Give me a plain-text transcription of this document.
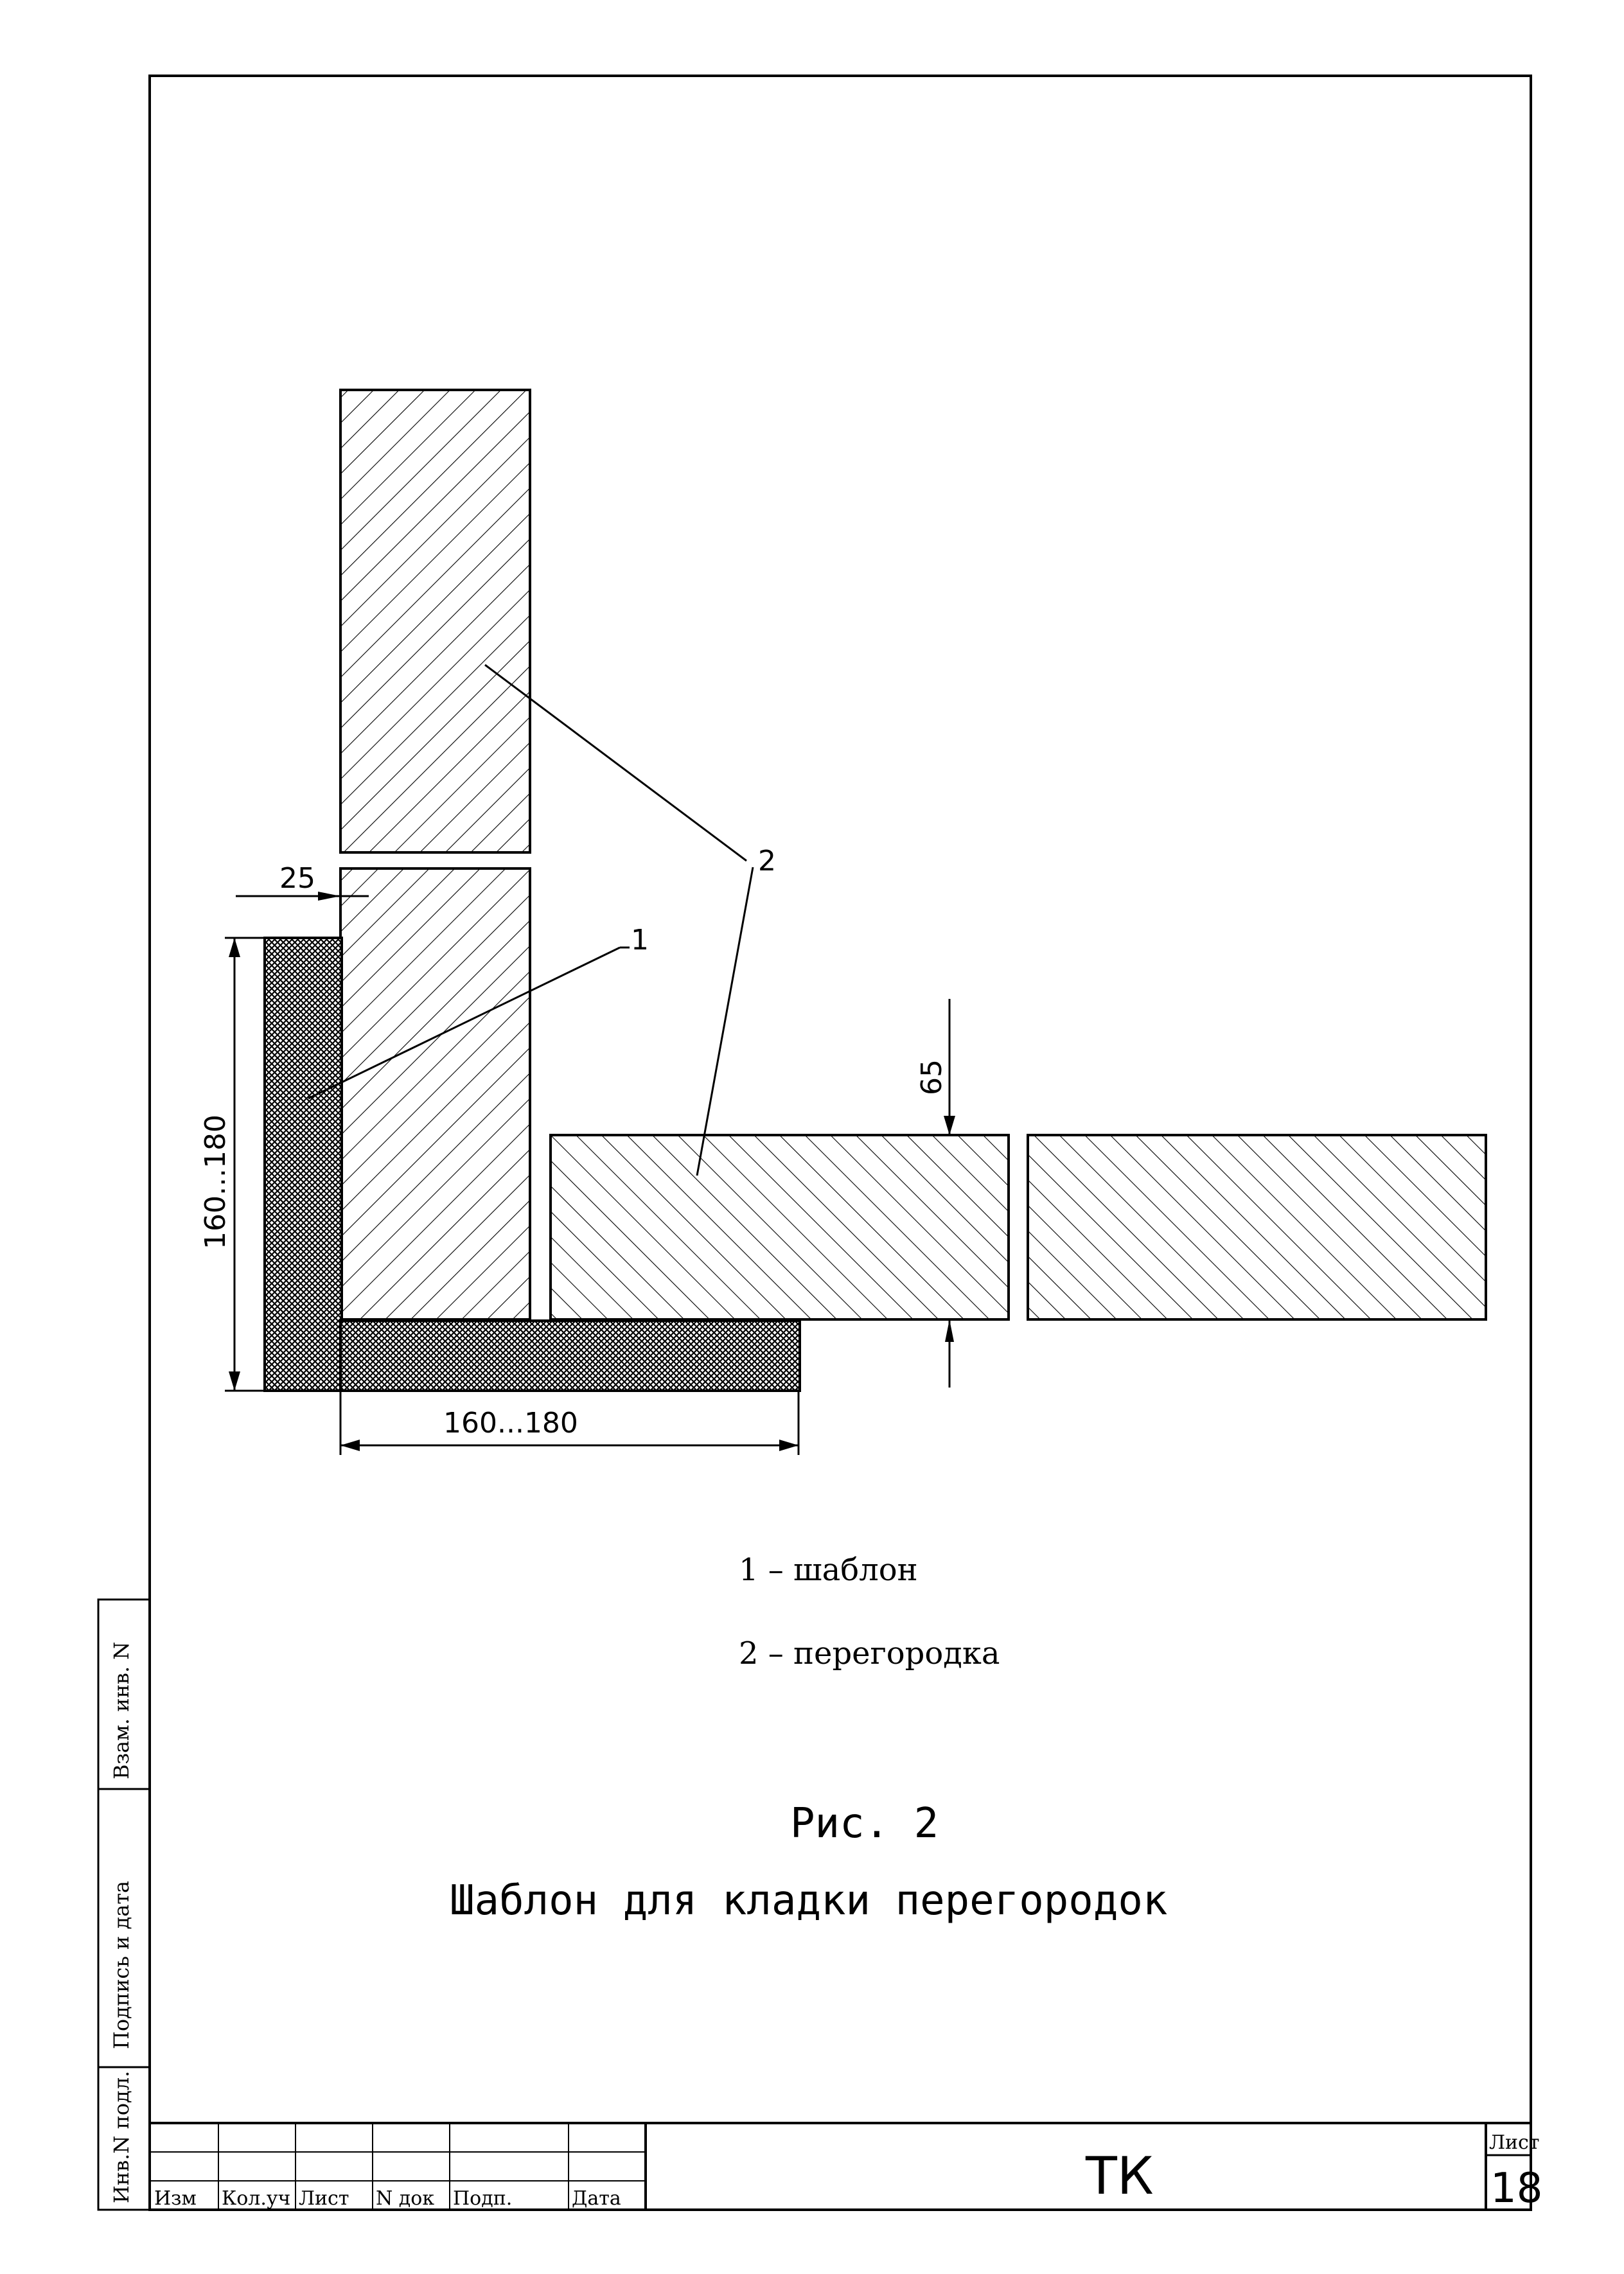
25
160...180
160...180
65
1
2
1 – шаблон
2 – перегородка
Рис. 2
Шаблон для кладки перегородок
Взам. инв. N
Подпись и дата
Инв.N подл. Изм Кол.уч Лист N док Подп.	Дата	ТК
Лист
18
